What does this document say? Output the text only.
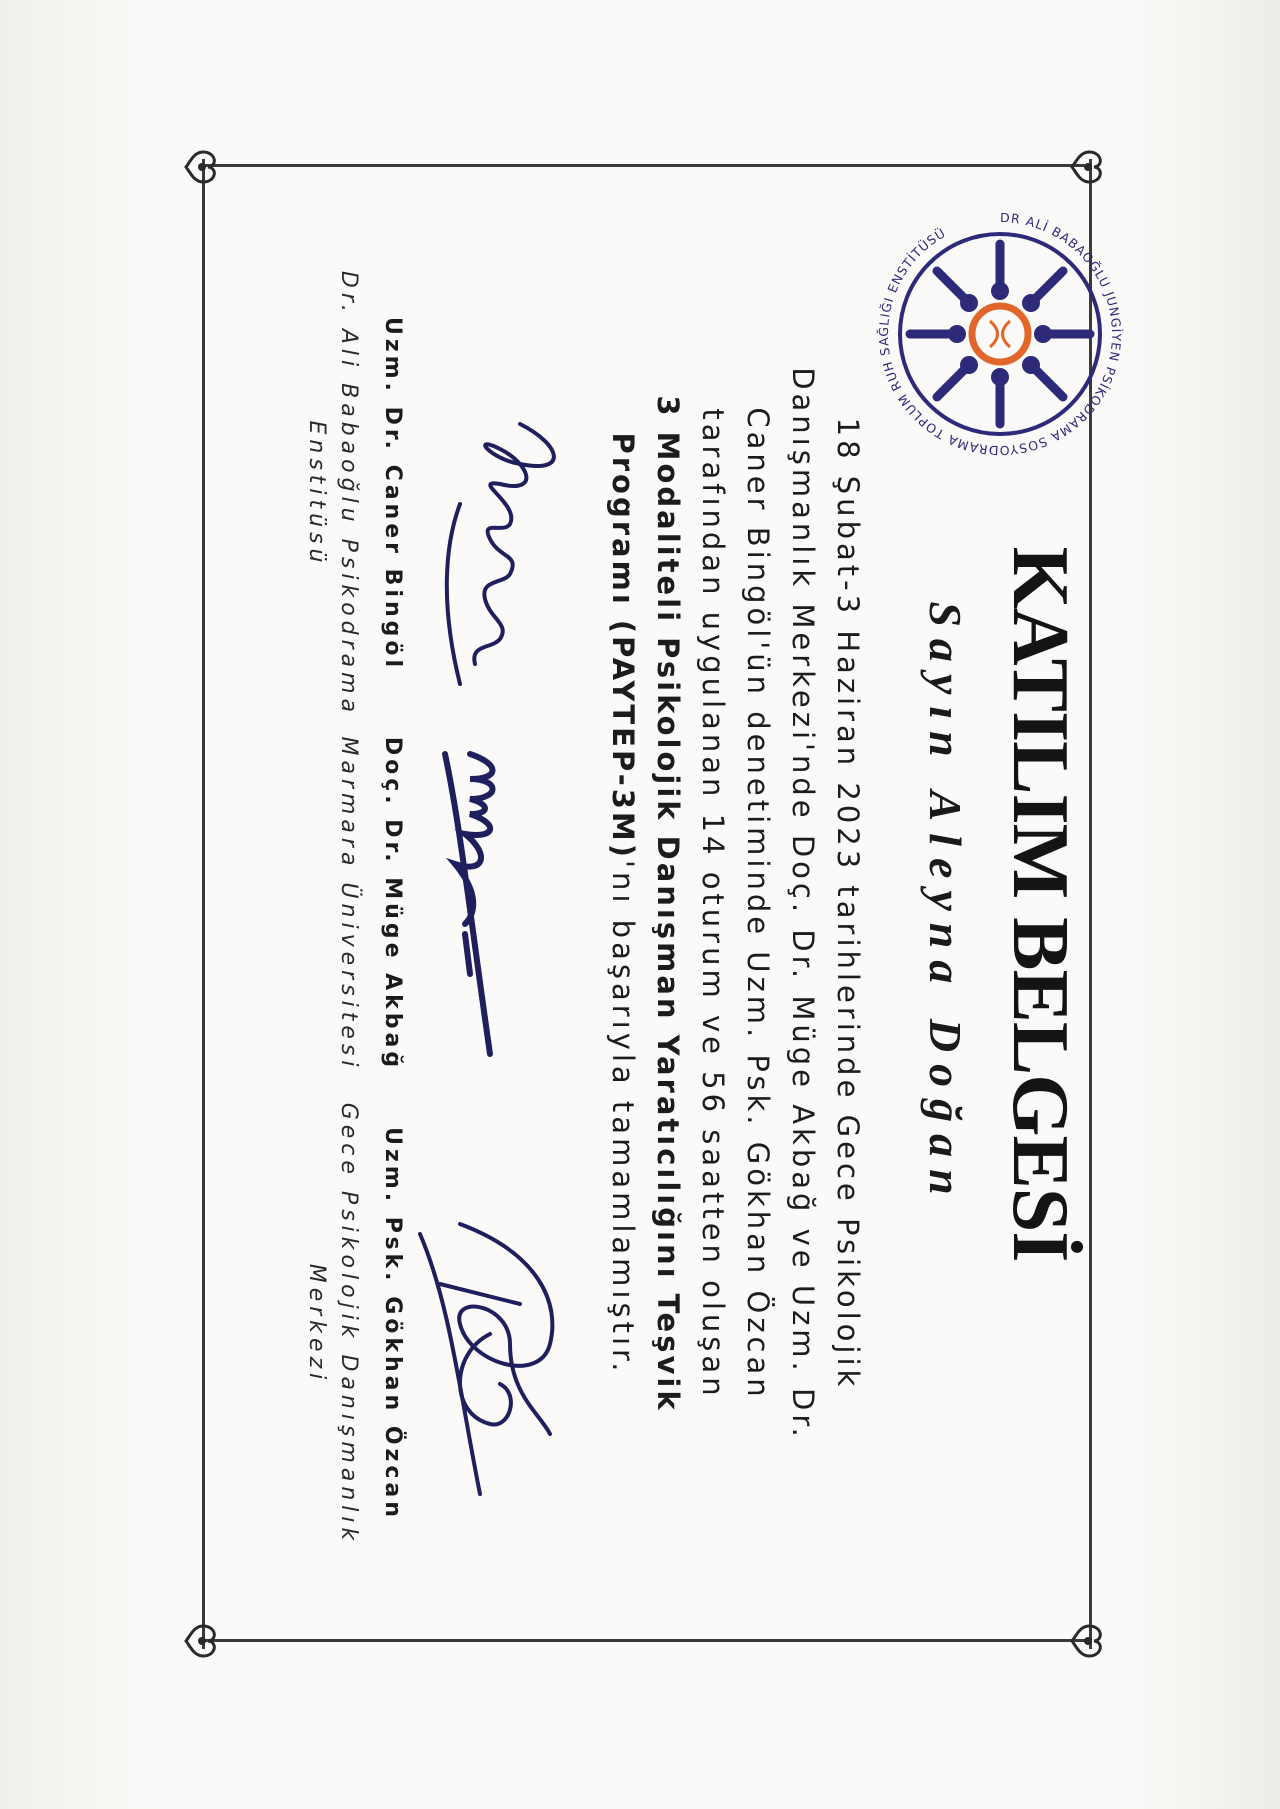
DR ALİ BABAOĞLU JUNGİYEN PSİKODRAMA SOSYODRAMA TOPLUM RUH SAĞLIĞI ENSTİTÜSÜ
KATILIM BELGESİ
Sayın Aleyna Doğan
18 Şubat-3 Haziran 2023 tarihlerinde Gece Psikolojik
Danışmanlık Merkezi'nde Doç. Dr. Müge Akbağ ve Uzm. Dr.
Caner Bingöl'ün denetiminde Uzm. Psk. Gökhan Özcan
tarafından uygulanan 14 oturum ve 56 saatten oluşan
3 Modaliteli Psikolojik Danışman Yaratıcılığını Teşvik
Programı (PAYTEP-3M)'nı başarıyla tamamlamıştır.
Uzm. Dr. Caner Bingöl
Dr. Ali Babaoğlu Psikodrama Enstitüsü
Doç. Dr. Müge Akbağ
Marmara Üniversitesi
Uzm. Psk. Gökhan Özcan
Gece Psikolojik Danışmanlık Merkezi
